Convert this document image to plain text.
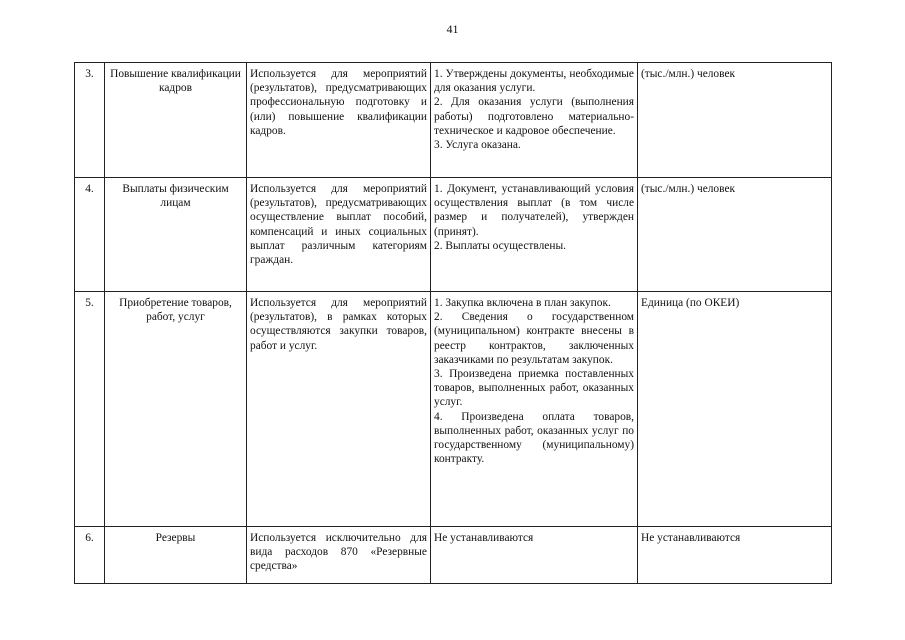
41
3.	Повышение квалификации кадров	Используется для мероприятий (результатов), предусматривающих профессиональную подготовку и (или) повышение квалификации кадров.	1. Утверждены документы, необходимые для оказания услуги.
2. Для оказания услуги (выполнения работы) подготовлено материально-техническое и кадровое обеспечение.
3. Услуга оказана.	(тыс./млн.) человек
4.	Выплаты физическим лицам	Используется для мероприятий (результатов), предусматривающих осуществление выплат пособий, компенсаций и иных социальных выплат различным категориям граждан.	1. Документ, устанавливающий условия осуществления выплат (в том числе размер и получателей), утвержден (принят).
2. Выплаты осуществлены.	(тыс./млн.) человек
5.	Приобретение товаров, работ, услуг	Используется для мероприятий (результатов), в рамках которых осуществляются закупки товаров, работ и услуг.	1. Закупка включена в план закупок.
2. Сведения о государственном (муниципальном) контракте внесены в реестр контрактов, заключенных заказчиками по результатам закупок.
3. Произведена приемка поставленных товаров, выполненных работ, оказанных услуг.
4. Произведена оплата товаров, выполненных работ, оказанных услуг по государственному (муниципальному) контракту.	Единица (по ОКЕИ)
6.	Резервы	Используется исключительно для вида расходов 870 «Резервные средства»	Не устанавливаются	Не устанавливаются
